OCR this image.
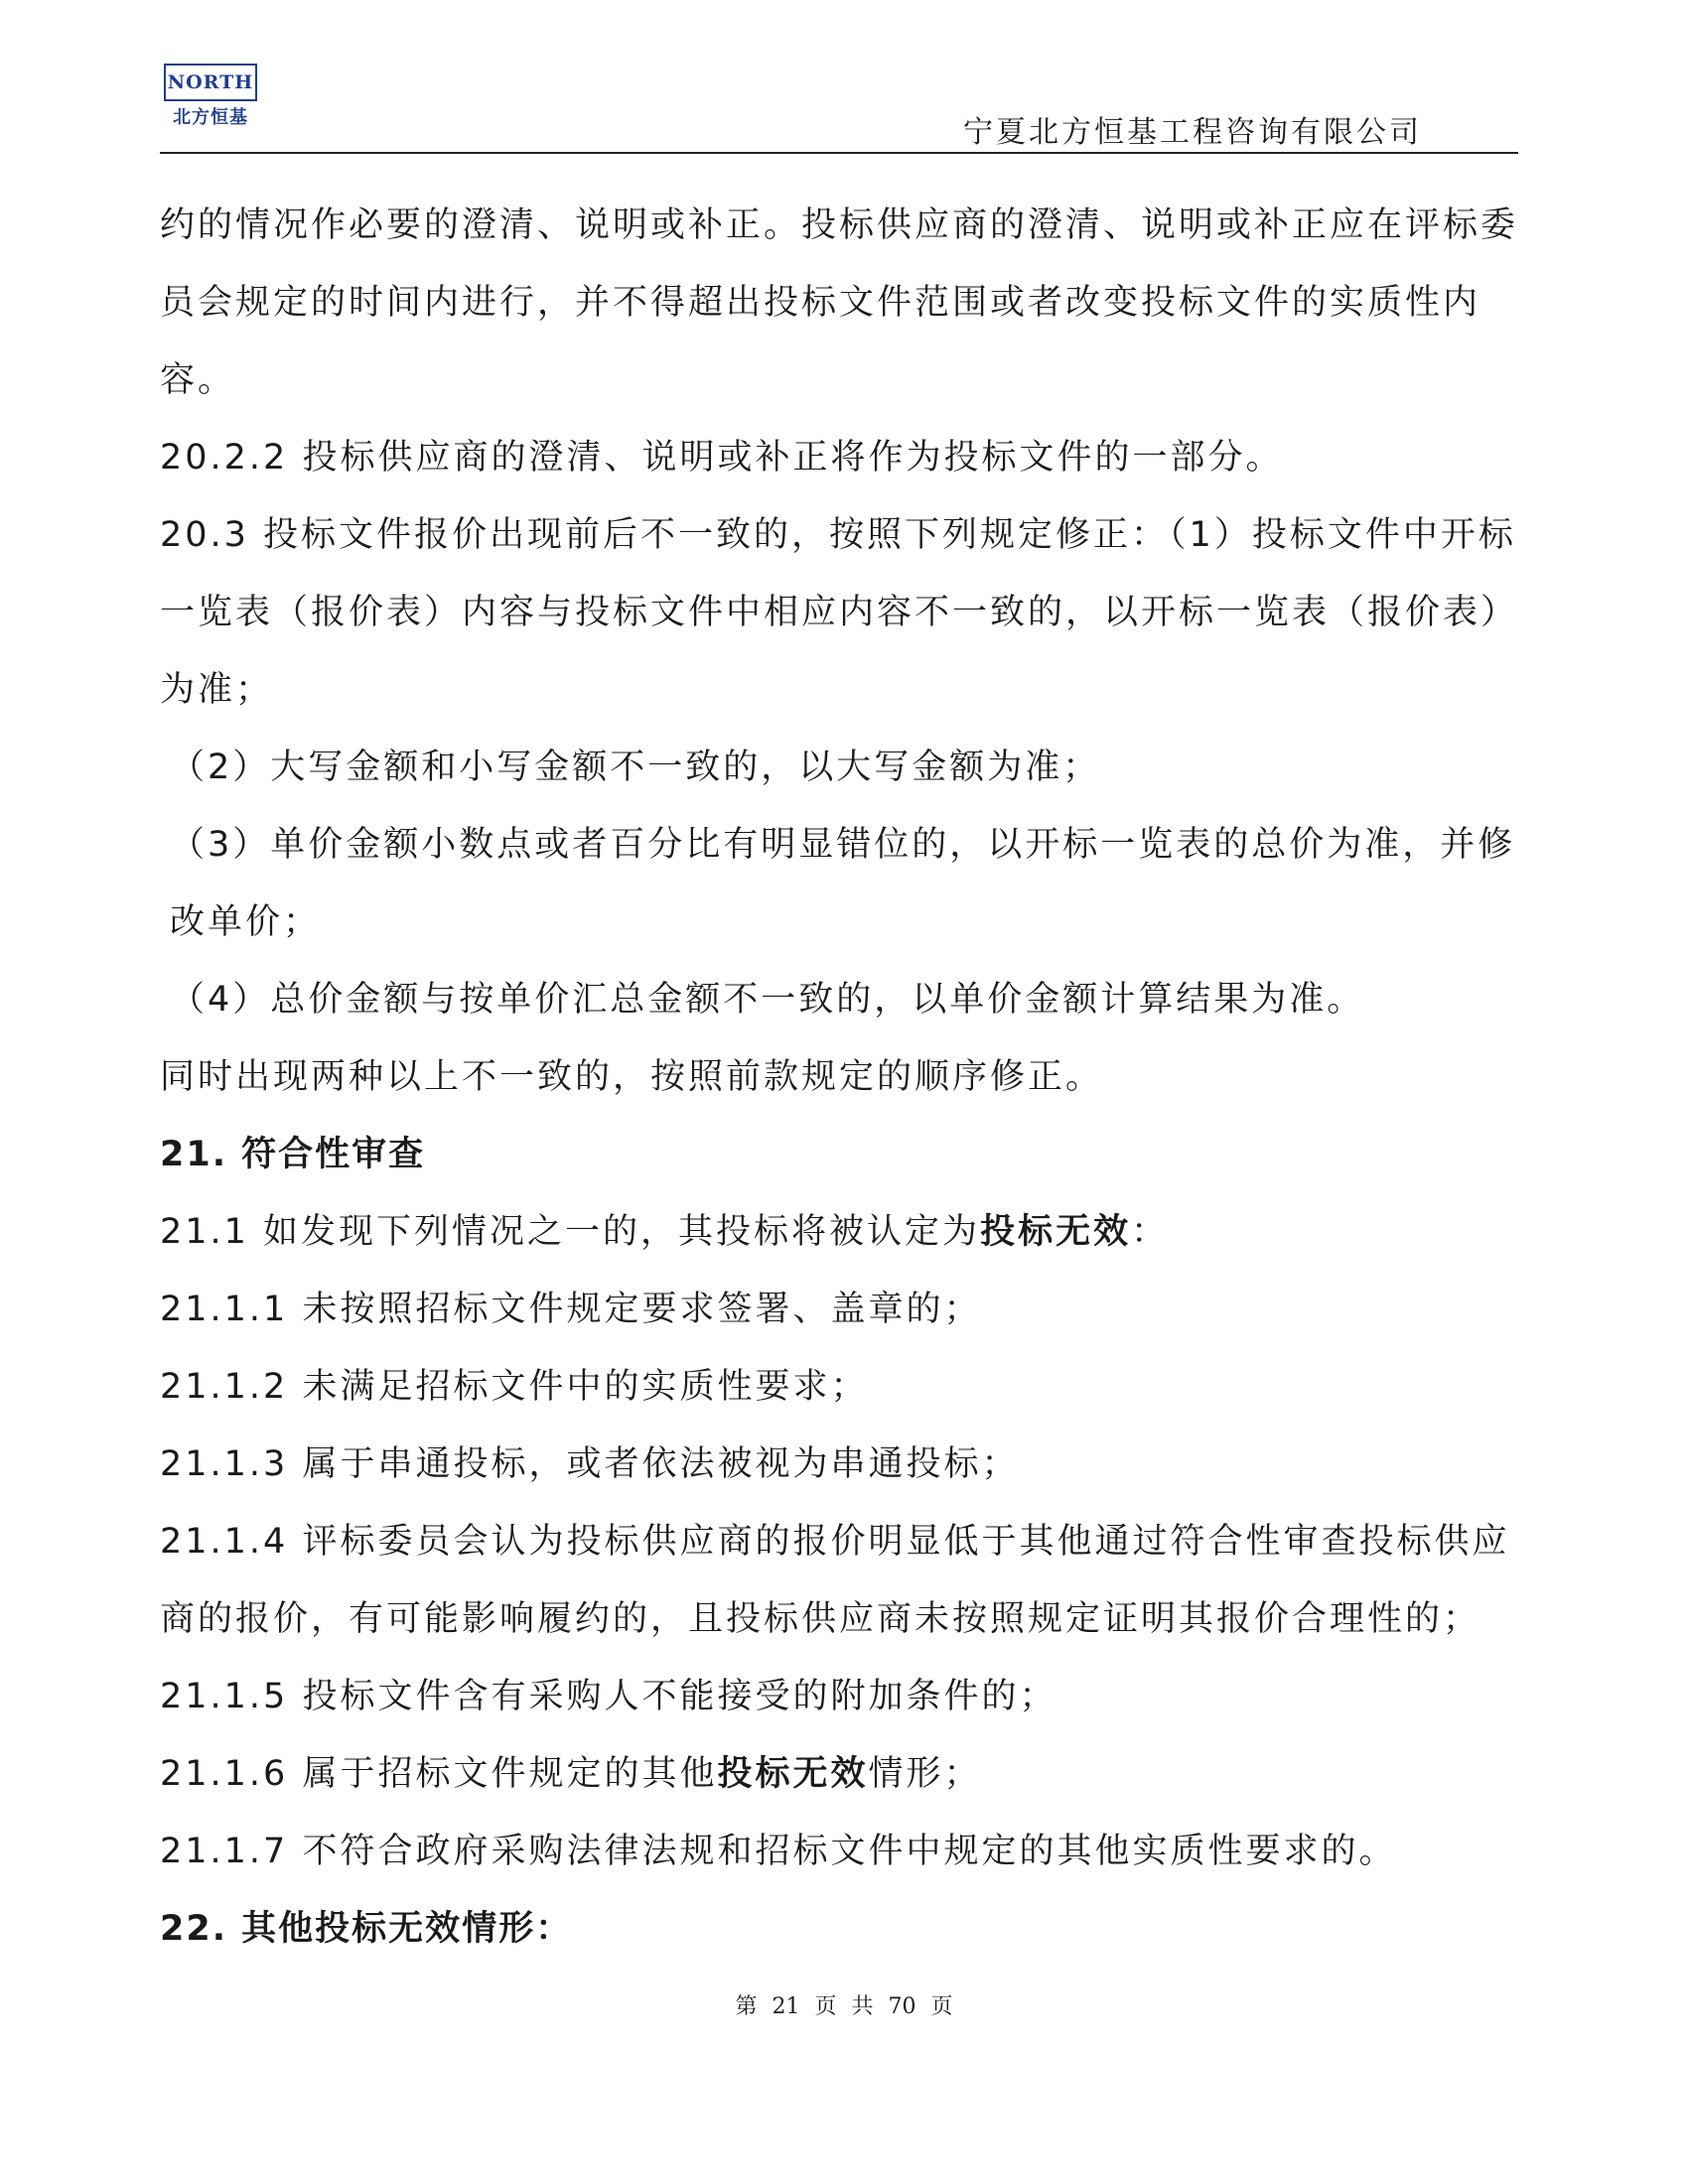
NORTH
北方恒基	宁夏北方恒基工程咨询有限公司

约的情况作必要的澄清、说明或补正。投标供应商的澄清、说明或补正应在评标委员会规定的时间内进行，并不得超出投标文件范围或者改变投标文件的实质性内容。

20.2.2 投标供应商的澄清、说明或补正将作为投标文件的一部分。

20.3 投标文件报价出现前后不一致的，按照下列规定修正：（1）投标文件中开标一览表（报价表）内容与投标文件中相应内容不一致的，以开标一览表（报价表）为准；

（2）大写金额和小写金额不一致的，以大写金额为准；

（3）单价金额小数点或者百分比有明显错位的，以开标一览表的总价为准，并修改单价；

（4）总价金额与按单价汇总金额不一致的，以单价金额计算结果为准。

同时出现两种以上不一致的，按照前款规定的顺序修正。

21. 符合性审查

21.1 如发现下列情况之一的，其投标将被认定为投标无效：

21.1.1 未按照招标文件规定要求签署、盖章的；

21.1.2 未满足招标文件中的实质性要求；

21.1.3 属于串通投标，或者依法被视为串通投标；

21.1.4 评标委员会认为投标供应商的报价明显低于其他通过符合性审查投标供应商的报价，有可能影响履约的，且投标供应商未按照规定证明其报价合理性的；

21.1.5 投标文件含有采购人不能接受的附加条件的；

21.1.6 属于招标文件规定的其他投标无效情形；

21.1.7 不符合政府采购法律法规和招标文件中规定的其他实质性要求的。

22. 其他投标无效情形：

第 21 页 共 70 页
